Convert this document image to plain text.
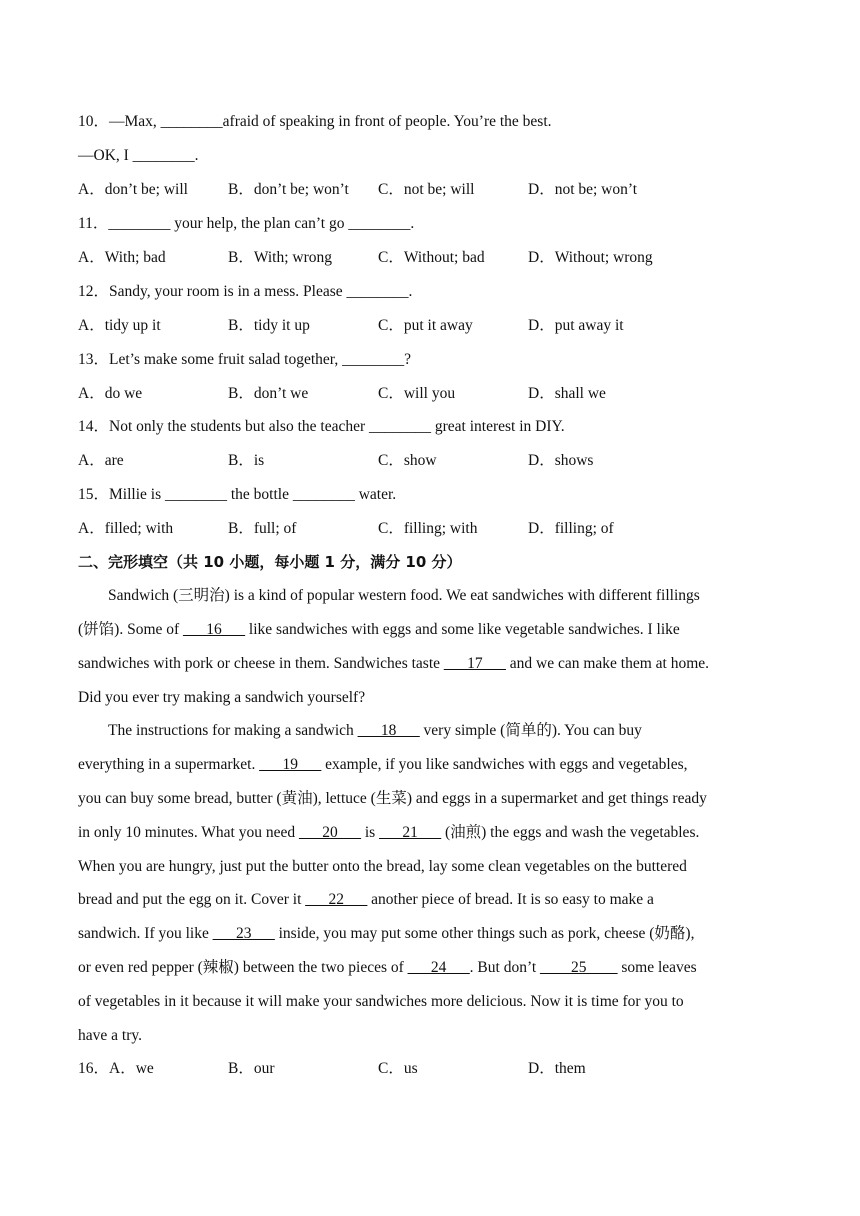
10．—Max, ________afraid of speaking in front of people. You’re the best.
—OK, I ________.
A．don’t be; will	B．don’t be; won’t C．not be; will	D．not be; won’t
11．________ your help, the plan can’t go ________.
A．With; bad	B．With; wrong	C．Without; bad	D．Without; wrong
12．Sandy, your room is in a mess. Please ________.
A．tidy up it	B．tidy it up	C．put it away	D．put away it
13．Let’s make some fruit salad together, ________?
A．do we	B．don’t we	C．will you	D．shall we
14．Not only the students but also the teacher ________ great interest in DIY.
A．are	B．is	C．show	D．shows
15．Millie is ________ the bottle ________ water.
A．filled; with	B．full; of	C．filling; with	D．filling; of
二、完形填空（共 10 小题，每小题 1 分，满分 10 分）
Sandwich (三明治) is a kind of popular western food. We eat sandwiches with different fillings
(饼馅). Some of ___16___ like sandwiches with eggs and some like vegetable sandwiches. I like
sandwiches with pork or cheese in them. Sandwiches taste ___17___ and we can make them at home.
Did you ever try making a sandwich yourself?
The instructions for making a sandwich ___18___ very simple (简单的). You can buy
everything in a supermarket. ___19___ example, if you like sandwiches with eggs and vegetables,
you can buy some bread, butter (黄油), lettuce (生菜) and eggs in a supermarket and get things ready
in only 10 minutes. What you need ___20___ is ___21___ (油煎) the eggs and wash the vegetables.
When you are hungry, just put the butter onto the bread, lay some clean vegetables on the buttered
bread and put the egg on it. Cover it ___22___ another piece of bread. It is so easy to make a
sandwich. If you like ___23___ inside, you may put some other things such as pork, cheese (奶酪),
or even red pepper (辣椒) between the two pieces of ___24___. But don’t ____25____ some leaves
of vegetables in it because it will make your sandwiches more delicious. Now it is time for you to
have a try.
16．A．we	B．our	C．us	D．them
